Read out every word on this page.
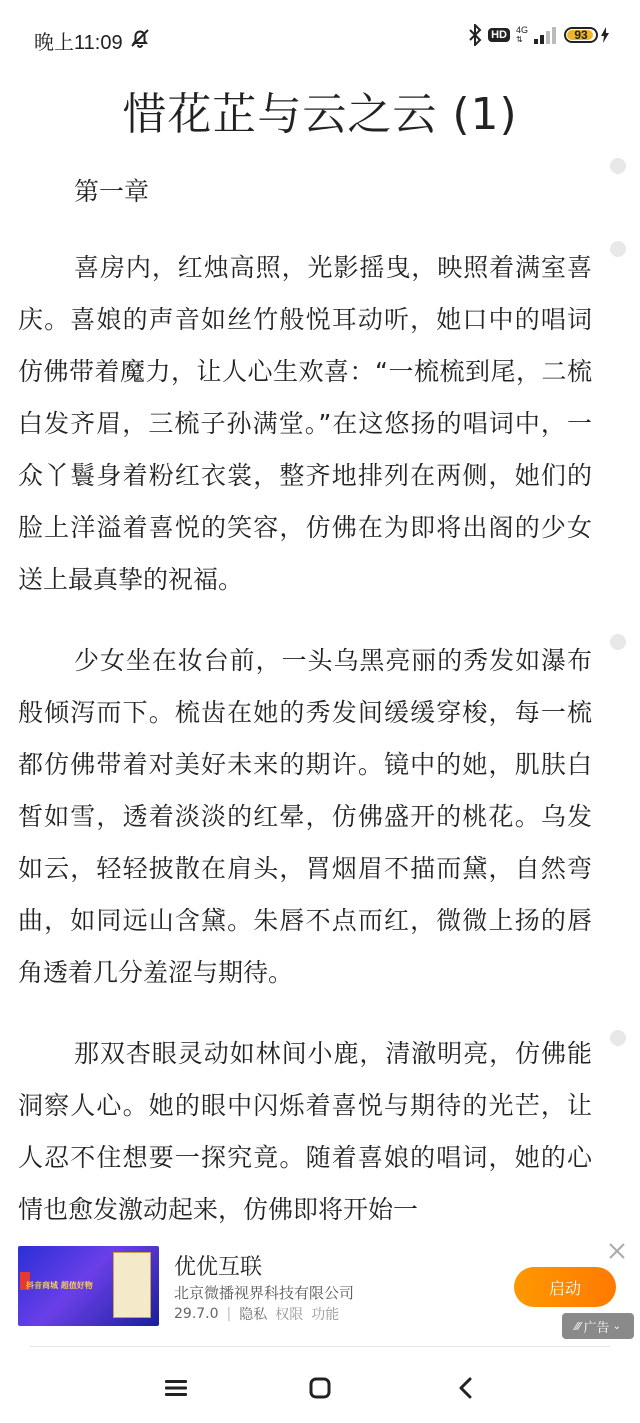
晚上11:09	HD	4G
⇅	93
惜花芷与云之云 (1)

第一章

喜房内，红烛高照，光影摇曳，映照着满室喜庆。喜娘的声音如丝竹般悦耳动听，她口中的唱词仿佛带着魔力，让人心生欢喜：“一梳梳到尾，二梳白发齐眉，三梳子孙满堂。”在这悠扬的唱词中，一众丫鬟身着粉红衣裳，整齐地排列在两侧，她们的脸上洋溢着喜悦的笑容，仿佛在为即将出阁的少女送上最真挚的祝福。

少女坐在妆台前，一头乌黑亮丽的秀发如瀑布般倾泻而下。梳齿在她的秀发间缓缓穿梭，每一梳都仿佛带着对美好未来的期许。镜中的她，肌肤白皙如雪，透着淡淡的红晕，仿佛盛开的桃花。乌发如云，轻轻披散在肩头，罥烟眉不描而黛，自然弯曲，如同远山含黛。朱唇不点而红，微微上扬的唇角透着几分羞涩与期待。

那双杏眼灵动如林间小鹿，清澈明亮，仿佛能洞察人心。她的眼中闪烁着喜悦与期待的光芒，让人忍不住想要一探究竟。随着喜娘的唱词，她的心情也愈发激动起来，仿佛即将开始一

抖音商城 超值好物
优优互联
北京微播视界科技有限公司
29.7.0 | 隐私 权限 功能
启动
⁄⁄⁄ 广告 ⌄
